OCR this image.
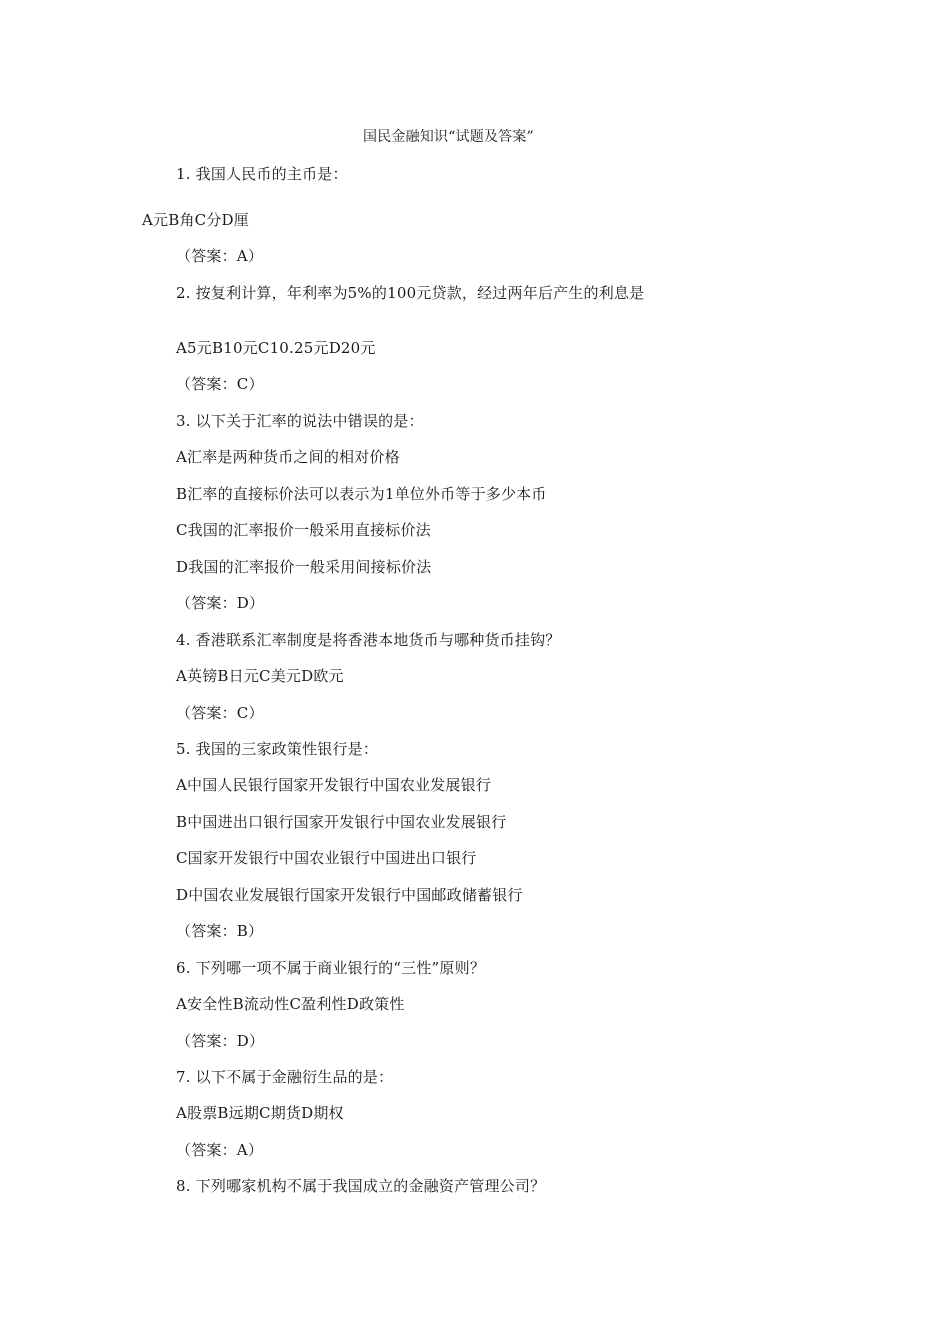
国民金融知识“试题及答案”
1. 我国人民币的主币是：
A元B角C分D厘
（答案：A）
2. 按复利计算，年利率为5%的100元贷款，经过两年后产生的利息是
A5元B10元C10.25元D20元
（答案：C）
3. 以下关于汇率的说法中错误的是：
A汇率是两种货币之间的相对价格
B汇率的直接标价法可以表示为1单位外币等于多少本币
C我国的汇率报价一般采用直接标价法
D我国的汇率报价一般采用间接标价法
（答案：D）
4. 香港联系汇率制度是将香港本地货币与哪种货币挂钩？
A英镑B日元C美元D欧元
（答案：C）
5. 我国的三家政策性银行是：
A中国人民银行国家开发银行中国农业发展银行
B中国进出口银行国家开发银行中国农业发展银行
C国家开发银行中国农业银行中国进出口银行
D中国农业发展银行国家开发银行中国邮政储蓄银行
（答案：B）
6. 下列哪一项不属于商业银行的“三性”原则？
A安全性B流动性C盈利性D政策性
（答案：D）
7. 以下不属于金融衍生品的是：
A股票B远期C期货D期权
（答案：A）
8. 下列哪家机构不属于我国成立的金融资产管理公司？
